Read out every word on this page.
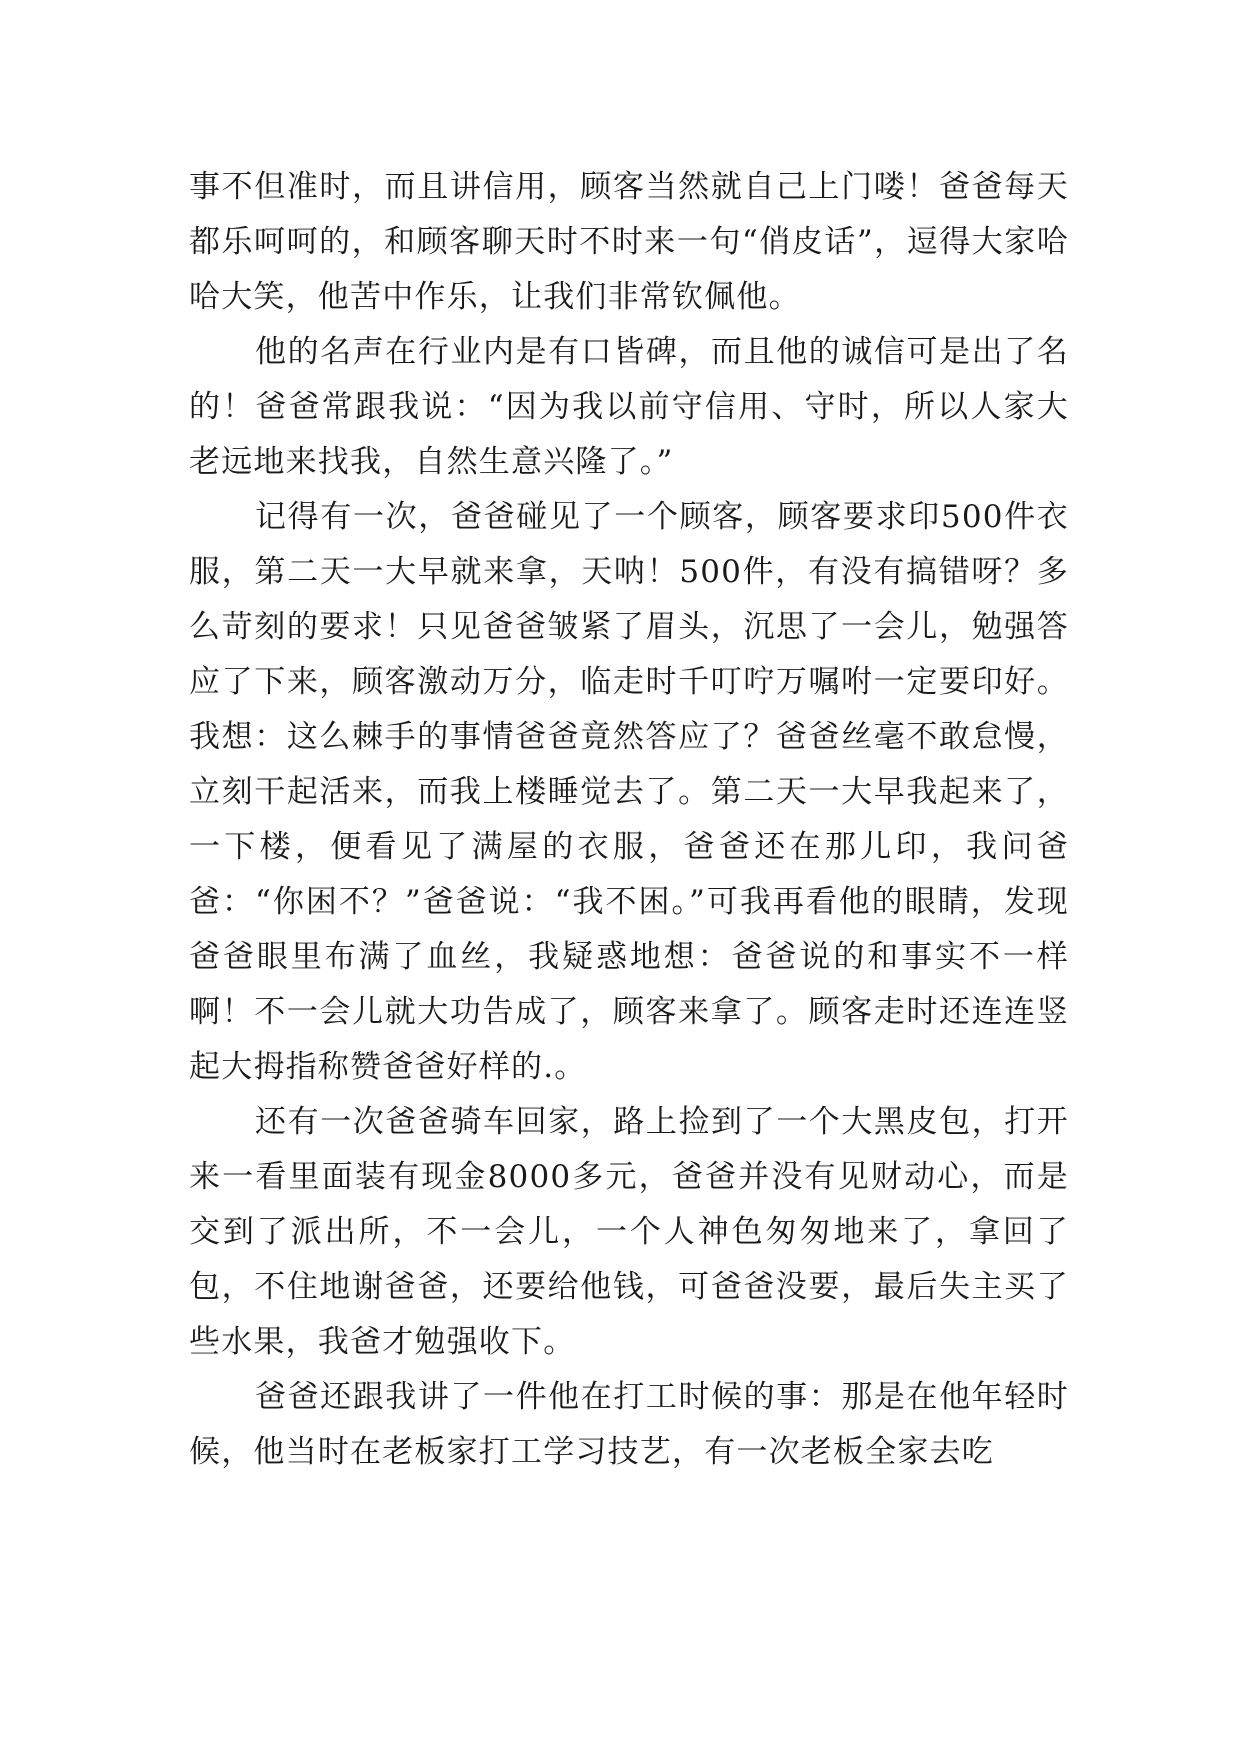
事不但准时，而且讲信用，顾客当然就自己上门喽！爸爸每天都乐呵呵的，和顾客聊天时不时来一句“俏皮话”，逗得大家哈哈大笑，他苦中作乐，让我们非常钦佩他。

他的名声在行业内是有口皆碑，而且他的诚信可是出了名的！爸爸常跟我说：“因为我以前守信用、守时，所以人家大老远地来找我，自然生意兴隆了。”

记得有一次，爸爸碰见了一个顾客，顾客要求印500件衣服，第二天一大早就来拿，天呐！500件，有没有搞错呀？多么苛刻的要求！只见爸爸皱紧了眉头，沉思了一会儿，勉强答应了下来，顾客激动万分，临走时千叮咛万嘱咐一定要印好。我想：这么棘手的事情爸爸竟然答应了？爸爸丝毫不敢怠慢，立刻干起活来，而我上楼睡觉去了。第二天一大早我起来了，一下楼，便看见了满屋的衣服，爸爸还在那儿印，我问爸爸：“你困不？”爸爸说：“我不困。”可我再看他的眼睛，发现爸爸眼里布满了血丝，我疑惑地想：爸爸说的和事实不一样啊！不一会儿就大功告成了，顾客来拿了。顾客走时还连连竖起大拇指称赞爸爸好样的.。

还有一次爸爸骑车回家，路上捡到了一个大黑皮包，打开来一看里面装有现金8000多元，爸爸并没有见财动心，而是交到了派出所，不一会儿，一个人神色匆匆地来了，拿回了包，不住地谢爸爸，还要给他钱，可爸爸没要，最后失主买了些水果，我爸才勉强收下。

爸爸还跟我讲了一件他在打工时候的事：那是在他年轻时候，他当时在老板家打工学习技艺，有一次老板全家去吃
